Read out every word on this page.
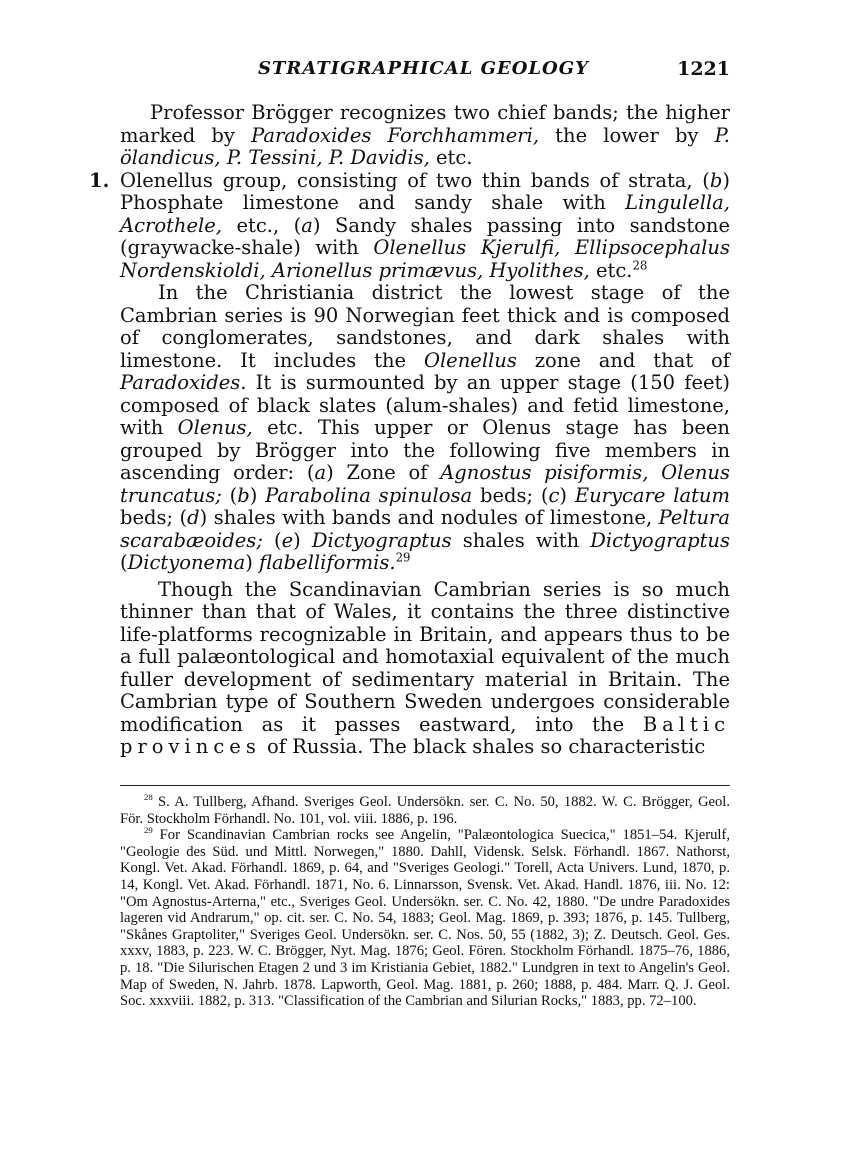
STRATIGRAPHICAL GEOLOGY	1221

Professor Brögger recognizes two chief bands; the higher marked by Paradoxides Forchhammeri, the lower by P. ölandicus, P. Tessini, P. Davidis, etc.

1. Olenellus group, consisting of two thin bands of strata, (b) Phosphate limestone and sandy shale with Lingulella, Acrothele, etc., (a) Sandy shales passing into sandstone (graywacke-shale) with Olenellus Kjerulfi, Ellipsocephalus Nordenskioldi, Arionellus primævus, Hyolithes, etc.$^{28}$

In the Christiania district the lowest stage of the Cambrian series is 90 Norwegian feet thick and is composed of conglomerates, sandstones, and dark shales with limestone. It includes the Olenellus zone and that of Paradoxides. It is surmounted by an upper stage (150 feet) composed of black slates (alum-shales) and fetid limestone, with Olenus, etc. This upper or Olenus stage has been grouped by Brögger into the following five members in ascending order: (a) Zone of Agnostus pisiformis, Olenus truncatus; (b) Parabolina spinulosa beds; (c) Eurycare latum beds; (d) shales with bands and nodules of limestone, Peltura scarabæoides; (e) Dictyograptus shales with Dictyograptus (Dictyonema) flabelliformis.$^{29}$

Though the Scandinavian Cambrian series is so much thinner than that of Wales, it contains the three distinctive life-platforms recognizable in Britain, and appears thus to be a full palæontological and homotaxial equivalent of the much fuller development of sedimentary material in Britain. The Cambrian type of Southern Sweden undergoes considerable modification as it passes eastward, into the Baltic provinces of Russia. The black shales so characteristic

$^{28}$ S. A. Tullberg, Afhand. Sveriges Geol. Undersökn. ser. C. No. 50, 1882. W. C. Brögger, Geol. För. Stockholm Förhandl. No. 101, vol. viii. 1886, p. 196.

$^{29}$ For Scandinavian Cambrian rocks see Angelin, "Palæontologica Suecica," 1851–54. Kjerulf, "Geologie des Süd. und Mittl. Norwegen," 1880. Dahll, Vidensk. Selsk. Förhandl. 1867. Nathorst, Kongl. Vet. Akad. Förhandl. 1869, p. 64, and "Sveriges Geologi." Torell, Acta Univers. Lund, 1870, p. 14, Kongl. Vet. Akad. Förhandl. 1871, No. 6. Linnarsson, Svensk. Vet. Akad. Handl. 1876, iii. No. 12: "Om Agnostus-Arterna," etc., Sveriges Geol. Undersökn. ser. C. No. 42, 1880. "De undre Paradoxides lageren vid Andrarum," op. cit. ser. C. No. 54, 1883; Geol. Mag. 1869, p. 393; 1876, p. 145. Tullberg, "Skånes Graptoliter," Sveriges Geol. Undersökn. ser. C. Nos. 50, 55 (1882, 3); Z. Deutsch. Geol. Ges. xxxv, 1883, p. 223. W. C. Brögger, Nyt. Mag. 1876; Geol. Fören. Stockholm Förhandl. 1875–76, 1886, p. 18. "Die Silurischen Etagen 2 und 3 im Kristiania Gebiet, 1882." Lundgren in text to Angelin's Geol. Map of Sweden, N. Jahrb. 1878. Lapworth, Geol. Mag. 1881, p. 260; 1888, p. 484. Marr. Q. J. Geol. Soc. xxxviii. 1882, p. 313. "Classification of the Cambrian and Silurian Rocks," 1883, pp. 72–100.
